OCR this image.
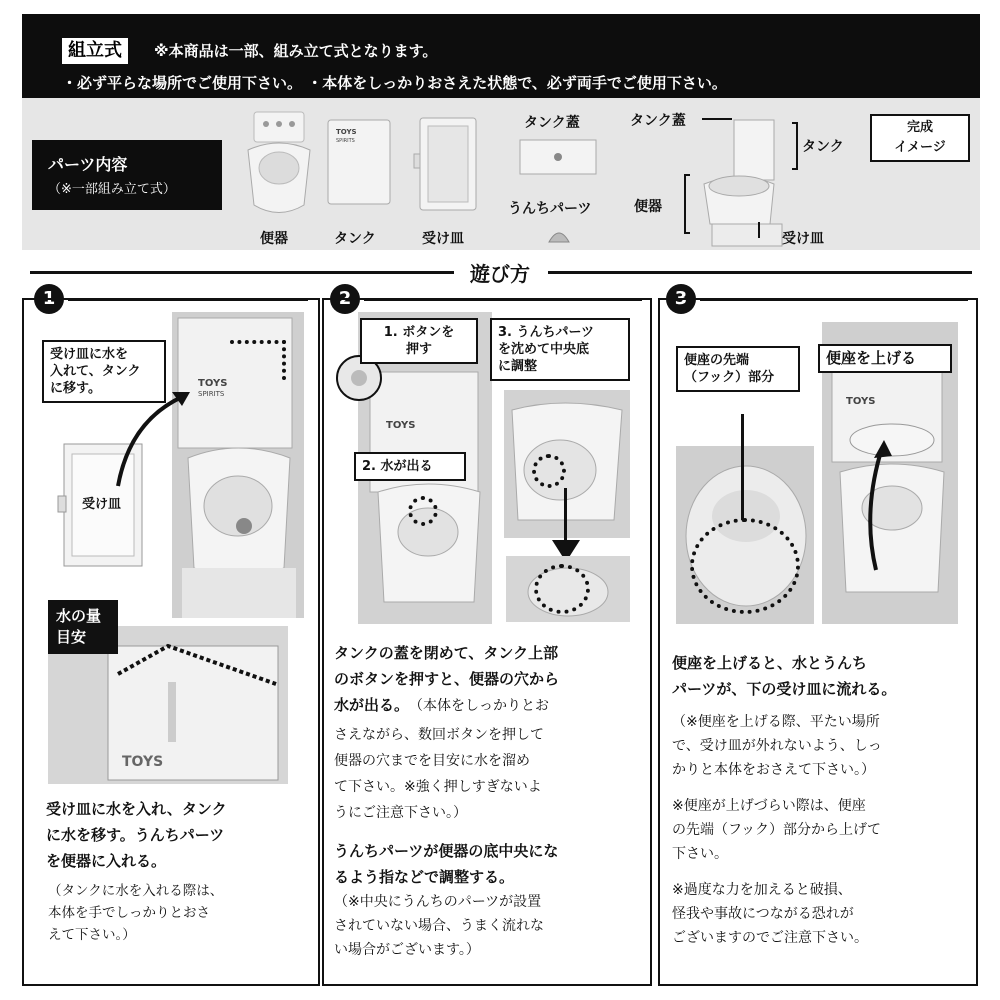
組立式	※本商品は一部、組み立て式となります。
・必ず平らな場所でご使用下さい。 ・本体をしっかりおさえた状態で、必ず両手でご使用下さい。
パーツ内容
（※一部組み立て式）
便器
TOYS
SPIRITS
タンク	受け皿
タンク蓋
うんちパーツ
タンク蓋
タンク
便器
受け皿
完成
イメージ
遊び方
1
TOYS
SPIRITS
受け皿に水を
入れて、タンク
に移す。
受け皿
TOYS
水の量
目安
受け皿に水を入れ、タンク
に水を移す。うんちパーツ
を便器に入れる。
（タンクに水を入れる際は、
本体を手でしっかりとおさ
えて下さい。）
2
TOYS
1. ボタンを
押す
2. 水が出る
3. うんちパーツ
を沈めて中央底
に調整
タンクの蓋を閉めて、タンク上部
のボタンを押すと、便器の穴から
水が出る。（本体をしっかりとお
さえながら、数回ボタンを押して
便器の穴までを目安に水を溜め
て下さい。※強く押しすぎないよ
うにご注意下さい。）
うんちパーツが便器の底中央にな
るよう指などで調整する。
（※中央にうんちのパーツが設置
されていない場合、うまく流れな
い場合がございます。）
3
便座の先端
（フック）部分
TOYS
便座を上げる
便座を上げると、水とうんち
パーツが、下の受け皿に流れる。
（※便座を上げる際、平たい場所
で、受け皿が外れないよう、しっ
かりと本体をおさえて下さい。）
※便座が上げづらい際は、便座
の先端（フック）部分から上げて
下さい。
※過度な力を加えると破損、
怪我や事故につながる恐れが
ございますのでご注意下さい。
